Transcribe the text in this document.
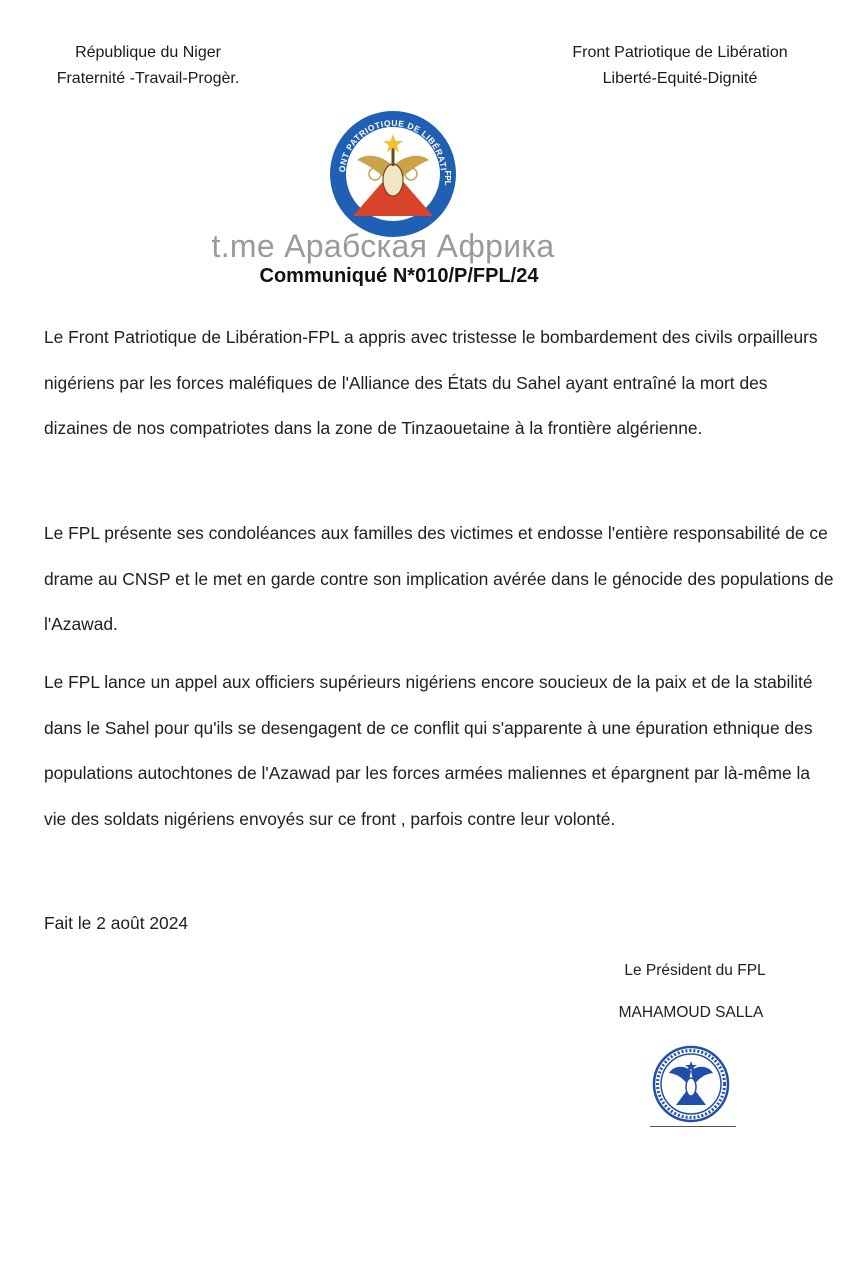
République du Niger
Fraternité -Travail-Progèr.
Front Patriotique de Libération
Liberté-Equité-Dignité
ONT PATRIOTIQUE DE LIBÉRATI
FPL
t.me Арабская Африка
Communiqué N*010/P/FPL/24
Le Front Patriotique de Libération-FPL a appris avec tristesse le bombardement des civils orpailleurs nigériens par les forces maléfiques de l'Alliance des États du Sahel ayant entraîné la mort des dizaines de nos compatriotes dans la zone de Tinzaouetaine à la frontière algérienne.
Le FPL présente ses condoléances aux familles des victimes et endosse l'entière responsabilité de ce drame au CNSP et le met en garde contre son implication avérée dans le génocide des populations de l'Azawad.
Le FPL lance un appel aux officiers supérieurs nigériens encore soucieux de la paix et de la stabilité dans le Sahel pour qu'ils se desengagent de ce conflit qui s'apparente à une épuration ethnique des populations autochtones de l'Azawad par les forces armées maliennes et épargnent par là-même la vie des soldats nigériens envoyés sur ce front , parfois contre leur volonté.
Fait le 2 août 2024
Le Président du FPL
MAHAMOUD SALLA
